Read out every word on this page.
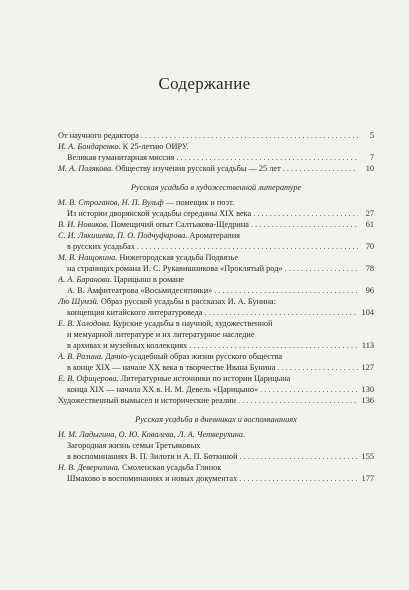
Содержание
От научного редактора . . .	5
И. А. Бондаренко. К 25-летию ОИРУ.
Великая гуманитарная миссия . . .	7
М. А. Полякова. Обществу изучения русской усадьбы — 25 лет . . .	10
Русская усадьба в художественной литературе
М. В. Строганов, Н. П. Вульф — помещик и поэт.
Из истории дворянской усадьбы середины XIX века . . .	27
В. И. Новиков. Помещичий опыт Салтыкова-Щедрина . . .	61
С. И. Лякишева, П. О. Подчуфарова. Ароматерапия
в русских усадьбах . . .	70
М. В. Нащокина. Нижегородская усадьба Подвязье
на страницах романа И. С. Рукавишникова «Проклятый род» . . .	78
А. А. Баранова. Царицыно в романе
А. В. Амфитеатрова «Восьмидесятники» . . .	96
Лю Шумэй. Образ русской усадьбы в рассказах И. А. Бунина:
концепция китайского литературоведа . . .	104
Е. В. Холодова. Курские усадьбы в научной, художественной
и мемуарной литературе и их литературное наследие
в архивах и музейных коллекциях . . .	113
А. В. Разина. Дачно-усадебный образ жизни русского общества
в конце XIX — начале XX века в творчестве Ивана Бунина . . .	127
Е. В. Офицерова. Литературные источники по истории Царицына
конца XIX — начала XX в. Н. М. Девель «Царицыно» . . .	130
Художественный вымысел и исторические реалии . . .	136
Русская усадьба в дневниках и воспоминаниях
И. М. Ладыгина, О. Ю. Ковалева, Л. А. Четверухина.
Загородная жизнь семьи Третьяковых
в воспоминаниях В. П. Зилоти и А. П. Боткиной . . .	155
Н. В. Деверилина. Смоленская усадьба Глинок
Шмаково в воспоминаниях и новых документах . . .	177
